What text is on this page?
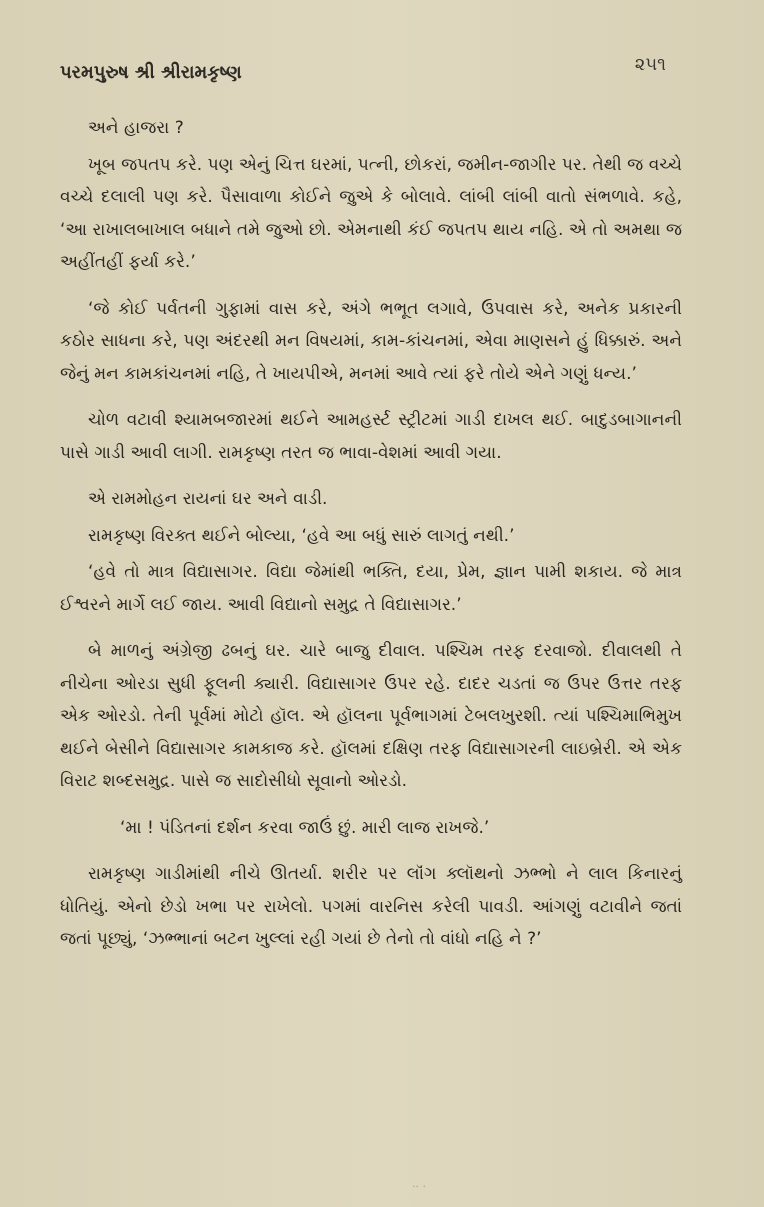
પરમપુરુષ શ્રી શ્રીરામકૃષ્ણ	૨૫૧

અને હાજરા ?

ખૂબ જપતપ કરે. પણ એનું ચિત્ત ઘરમાં, પત્ની, છોકરાં, જમીન-જાગીર પર. તેથી જ વચ્ચે વચ્ચે દલાલી પણ કરે. પૈસાવાળા કોઈને જુએ કે બોલાવે. લાંબી લાંબી વાતો સંભળાવે. કહે, ‘આ રાખાલબાખાલ બધાને તમે જુઓ છો. એમનાથી કંઈ જપતપ થાય નહિ. એ તો અમથા જ અહીંતહીં ફર્યા કરે.’

‘જે કોઈ પર્વતની ગુફામાં વાસ કરે, અંગે ભભૂત લગાવે, ઉપવાસ કરે, અનેક પ્રકારની કઠોર સાધના કરે, પણ અંદરથી મન વિષયમાં, કામ-કાંચનમાં, એવા માણસને હું ધિક્કારું. અને જેનું મન કામકાંચનમાં નહિ, તે ખાયપીએ, મનમાં આવે ત્યાં ફરે તોયે એને ગણું ધન્ય.’

ચોળ વટાવી શ્યામબજારમાં થઈને આમહર્સ્ટ સ્ટ્રીટમાં ગાડી દાખલ થઈ. બાદુડબાગાનની પાસે ગાડી આવી લાગી. રામકૃષ્ણ તરત જ ભાવા-વેશમાં આવી ગયા.

એ રામમોહન રાયનાં ઘર અને વાડી.

રામકૃષ્ણ વિરક્ત થઈને બોલ્યા, ‘હવે આ બધું સારું લાગતું નથી.’

‘હવે તો માત્ર વિદ્યાસાગર. વિદ્યા જેમાંથી ભક્તિ, દયા, પ્રેમ, જ્ઞાન પામી શકાય. જે માત્ર ઈશ્વરને માર્ગે લઈ જાય. આવી વિદ્યાનો સમુદ્ર તે વિદ્યાસાગર.’

બે માળનું અંગ્રેજી ઢબનું ઘર. ચારે બાજુ દીવાલ. પશ્ચિમ તરફ દરવાજો. દીવાલથી તે નીચેના ઓરડા સુધી ફૂલની ક્યારી. વિદ્યાસાગર ઉપર રહે. દાદર ચડતાં જ ઉપર ઉત્તર તરફ એક ઓરડો. તેની પૂર્વમાં મોટો હૉલ. એ હૉલના પૂર્વભાગમાં ટેબલખુરશી. ત્યાં પશ્ચિમાભિમુખ થઈને બેસીને વિદ્યાસાગર કામકાજ કરે. હૉલમાં દક્ષિણ તરફ વિદ્યાસાગરની લાઇબ્રેરી. એ એક વિરાટ શબ્દસમુદ્ર. પાસે જ સાદોસીધો સૂવાનો ઓરડો.

‘મા ! પંડિતનાં દર્શન કરવા જાઉં છું. મારી લાજ રાખજે.’

રામકૃષ્ણ ગાડીમાંથી નીચે ઊતર્યા. શરીર પર લૉંગ ક્લૉથનો ઝભ્ભો ને લાલ કિનારનું ધોતિયું. એનો છેડો ખભા પર રાખેલો. પગમાં વારનિસ કરેલી પાવડી. આંગણું વટાવીને જતાં જતાં પૂછ્યું, ‘ઝભ્ભાનાં બટન ખુલ્લાં રહી ગયાં છે તેનો તો વાંધો નહિ ને ?’

·· ·
